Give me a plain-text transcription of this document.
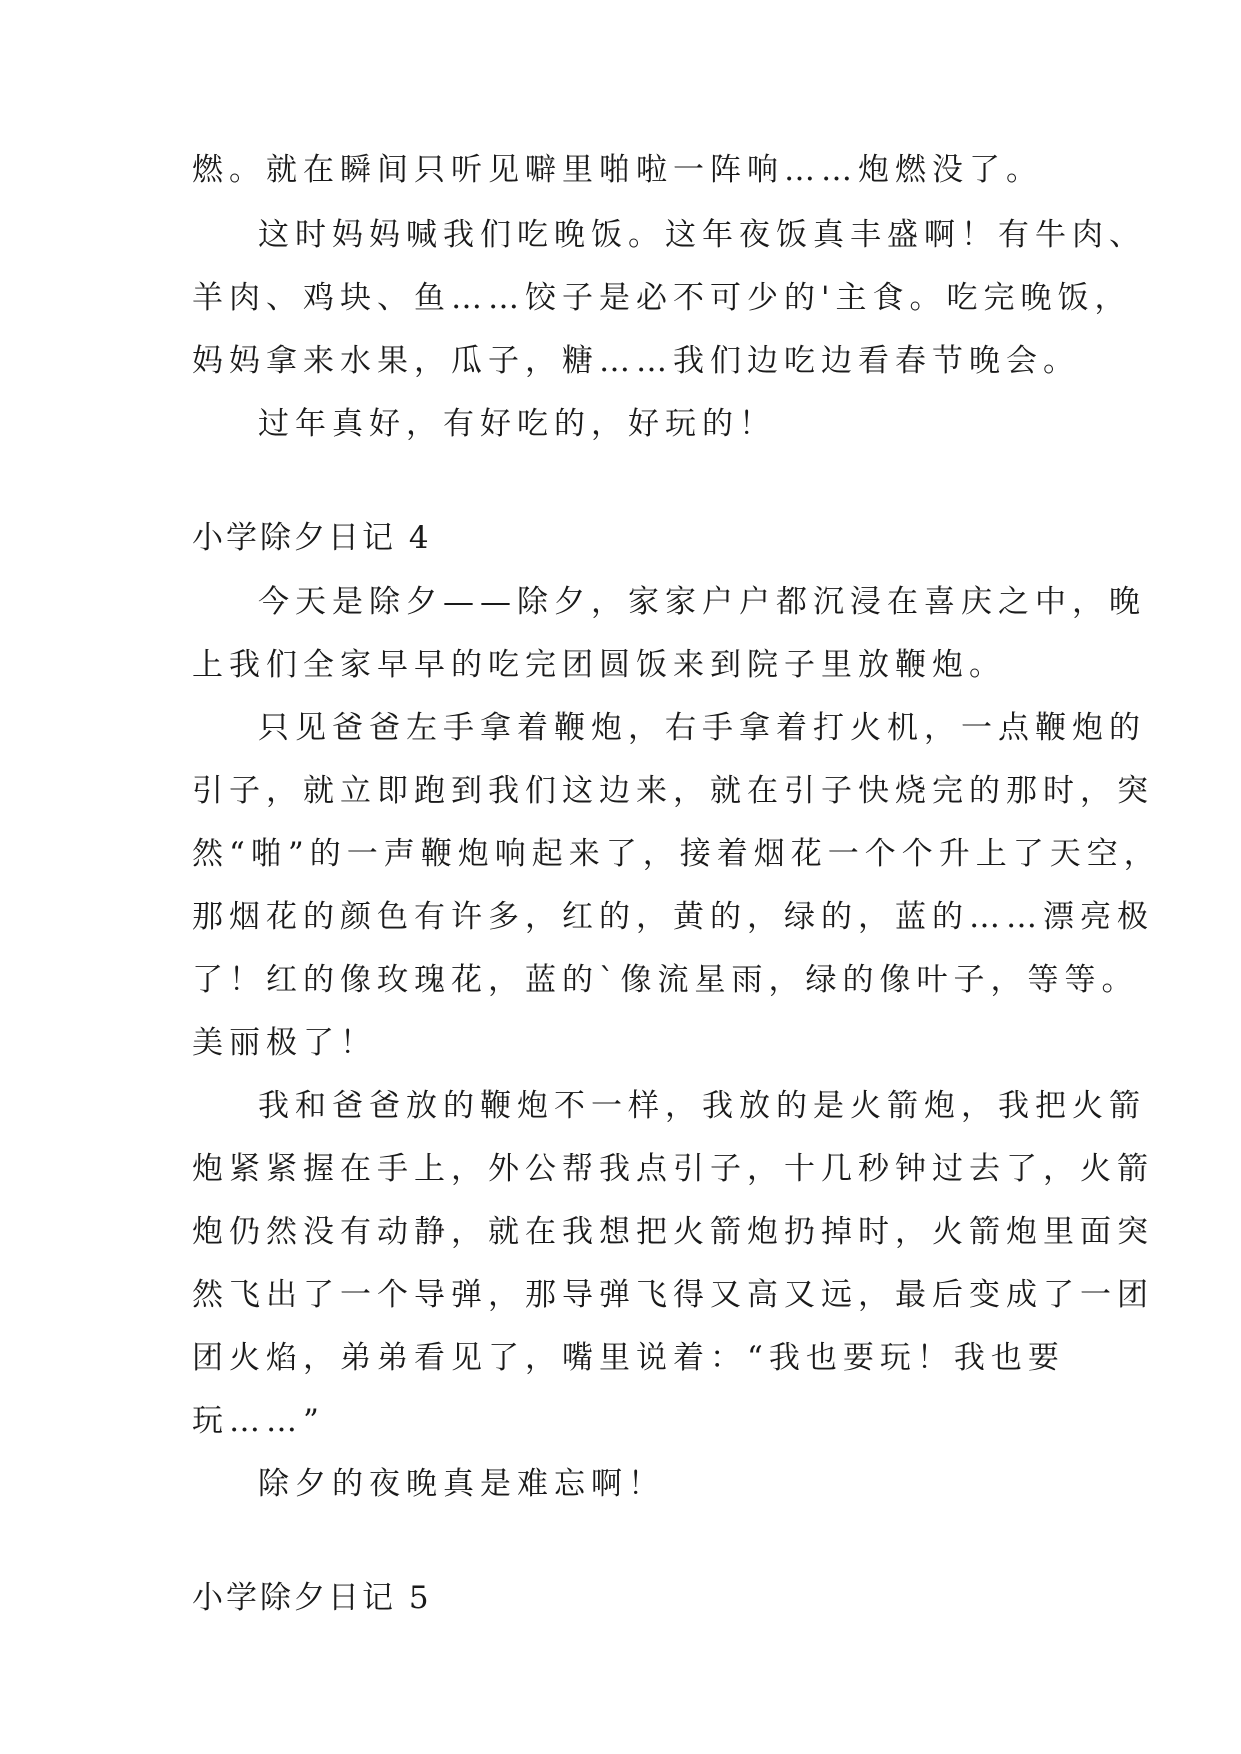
燃。就在瞬间只听见噼里啪啦一阵响……炮燃没了。
这时妈妈喊我们吃晚饭。这年夜饭真丰盛啊！有牛肉、
羊肉、鸡块、鱼……饺子是必不可少的'主食。吃完晚饭，
妈妈拿来水果，瓜子，糖……我们边吃边看春节晚会。
过年真好，有好吃的，好玩的！
小学除夕日记 4
今天是除夕——除夕，家家户户都沉浸在喜庆之中，晚
上我们全家早早的吃完团圆饭来到院子里放鞭炮。
只见爸爸左手拿着鞭炮，右手拿着打火机，一点鞭炮的
引子，就立即跑到我们这边来，就在引子快烧完的那时，突
然“啪”的一声鞭炮响起来了，接着烟花一个个升上了天空，
那烟花的颜色有许多，红的，黄的，绿的，蓝的……漂亮极
了！红的像玫瑰花，蓝的`像流星雨，绿的像叶子，等等。
美丽极了！
我和爸爸放的鞭炮不一样，我放的是火箭炮，我把火箭
炮紧紧握在手上，外公帮我点引子，十几秒钟过去了，火箭
炮仍然没有动静，就在我想把火箭炮扔掉时，火箭炮里面突
然飞出了一个导弹，那导弹飞得又高又远，最后变成了一团
团火焰，弟弟看见了，嘴里说着：“我也要玩！我也要
玩……”
除夕的夜晚真是难忘啊！
小学除夕日记 5
